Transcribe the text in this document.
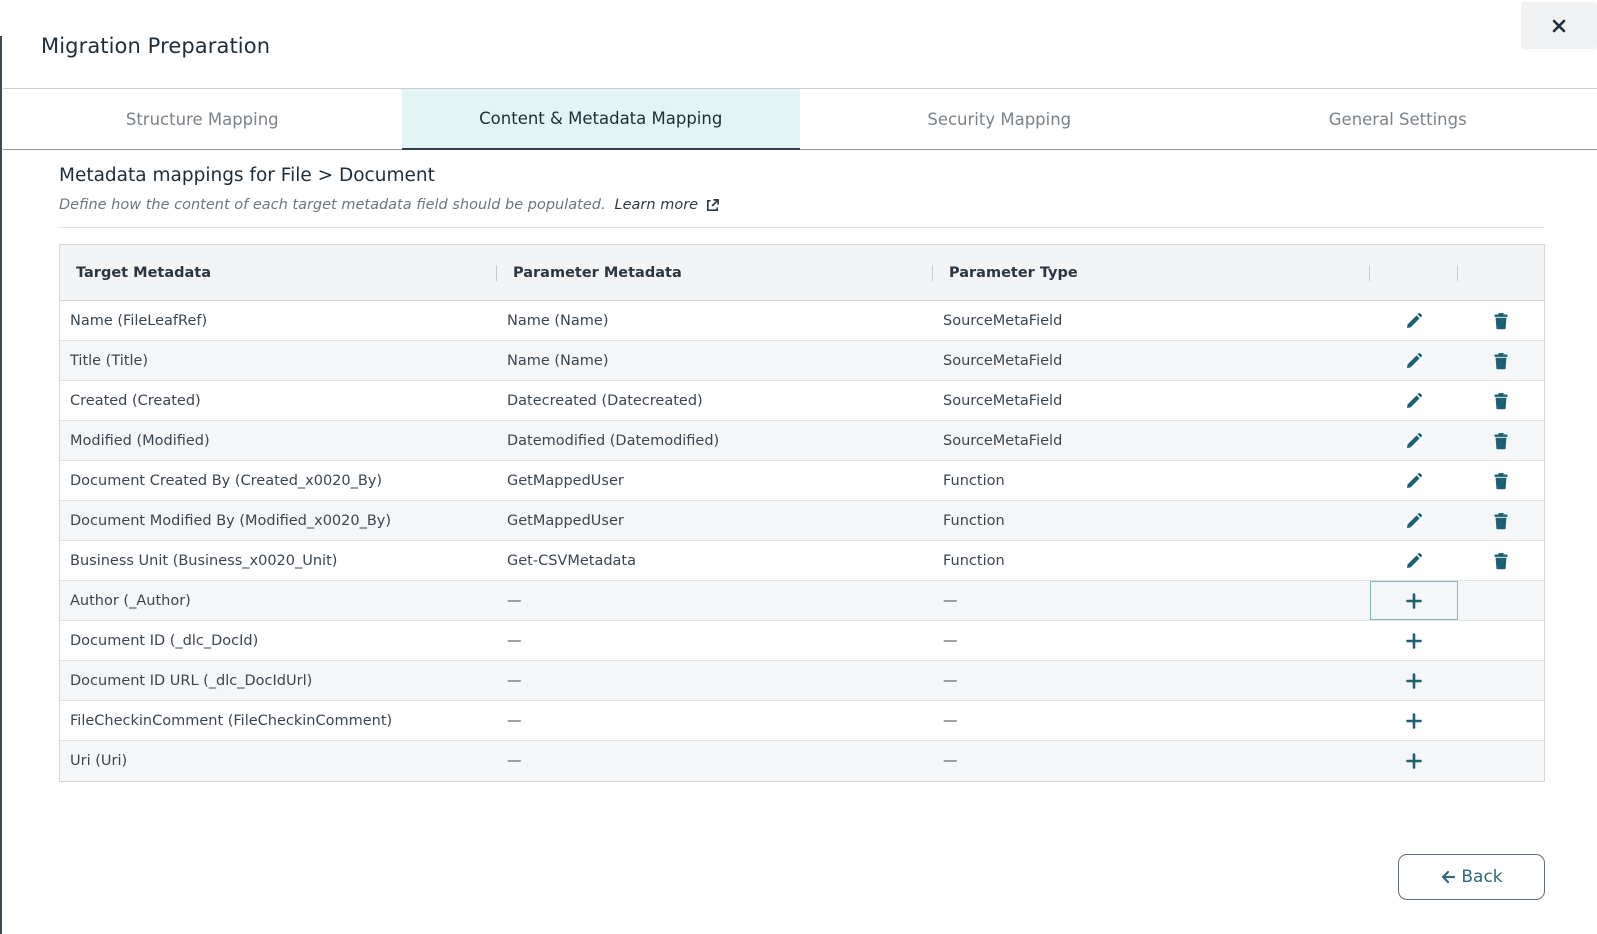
Migration Preparation
Structure Mapping	Content & Metadata Mapping	Security Mapping	General Settings
Metadata mappings for File > Document
Define how the content of each target metadata field should be populated. Learn more
Target Metadata	Parameter Metadata	Parameter Type
Name (FileLeafRef)	Name (Name)	SourceMetaField
Title (Title)	Name (Name)	SourceMetaField
Created (Created)	Datecreated (Datecreated)	SourceMetaField
Modified (Modified)	Datemodified (Datemodified)	SourceMetaField
Document Created By (Created_x0020_By)	GetMappedUser	Function
Document Modified By (Modified_x0020_By)	GetMappedUser	Function
Business Unit (Business_x0020_Unit)	Get-CSVMetadata	Function
Author (_Author)	—	—
Document ID (_dlc_DocId)	—	—
Document ID URL (_dlc_DocIdUrl)	—	—
FileCheckinComment (FileCheckinComment)	—	—
Uri (Uri)	—	—
Back
